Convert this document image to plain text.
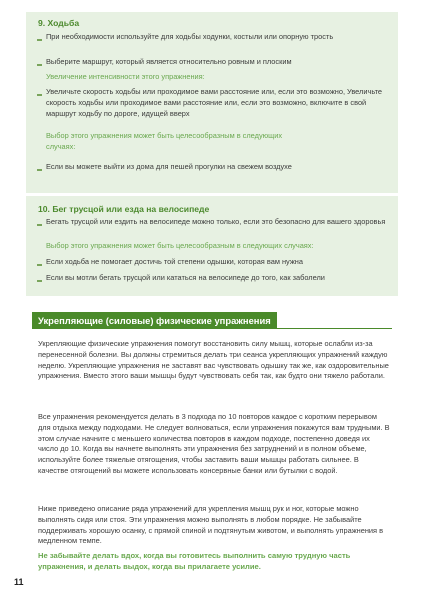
9. Ходьба

При необходимости используйте для ходьбы ходунки, костыли или опорную трость

Выберите маршрут, который является относительно ровным и плоским

Увеличение интенсивности этого упражнения:

Увеличьте скорость ходьбы или проходимое вами расстояние или, если это возможно, Увеличьте скорость ходьбы или проходимое вами расстояние или, если это возможно, включите в свой маршрут ходьбу по дороге, идущей вверх

Выбор этого упражнения может быть целесообразным в следующих случаях:

Если вы можете выйти из дома для пешей прогулки на свежем воздухе

10. Бег трусцой или езда на велосипеде

Бегать трусцой или ездить на велосипеде можно только, если это безопасно для вашего здоровья

Выбор этого упражнения может быть целесообразным в следующих случаях:

Если ходьба не помогает достичь той степени одышки, которая вам нужна

Если вы мотли бегать трусцой или кататься на велосипеде до того, как заболели

Укрепляющие (силовые) физические упражнения

Укрепляющие физические упражнения помогут восстановить силу мышц, которые ослабли из-за перенесенной болезни. Вы должны стремиться делать три сеанса укрепляющих упражнений каждую неделю. Укрепляющие упражнения не заставят вас чувствовать одышку так же, как оздоровительные упражнения. Вместо этого ваши мышцы будут чувствовать себя так, как будто они тяжело работали.

Все упражнения рекомендуется делать в 3 подхода по 10 повторов каждое с коротким перерывом для отдыха между подходами. Не следует волноваться, если упражнения покажутся вам трудными. В этом случае начните с меньшего количества повторов в каждом подходе, постепенно доведя их число до 10. Когда вы начнете выполнять эти упражнения без затруднений и в полном объеме, используйте более тяжелые отягощения, чтобы заставить ваши мышцы работать сильнее. В качестве отягощений вы можете использовать консервные банки или бутылки с водой.

Ниже приведено описание ряда упражнений для укрепления мышц рук и ног, которые можно выполнять сидя или стоя. Эти упражнения можно выполнять в любом порядке. Не забывайте поддерживать хорошую осанку, с прямой спиной и подтянутым животом, и выполнять упражнения в медленном темпе.

Не забывайте делать вдох, когда вы готовитесь выполнить самую трудную часть упражнения, и делать выдох, когда вы прилагаете усилие.

11
